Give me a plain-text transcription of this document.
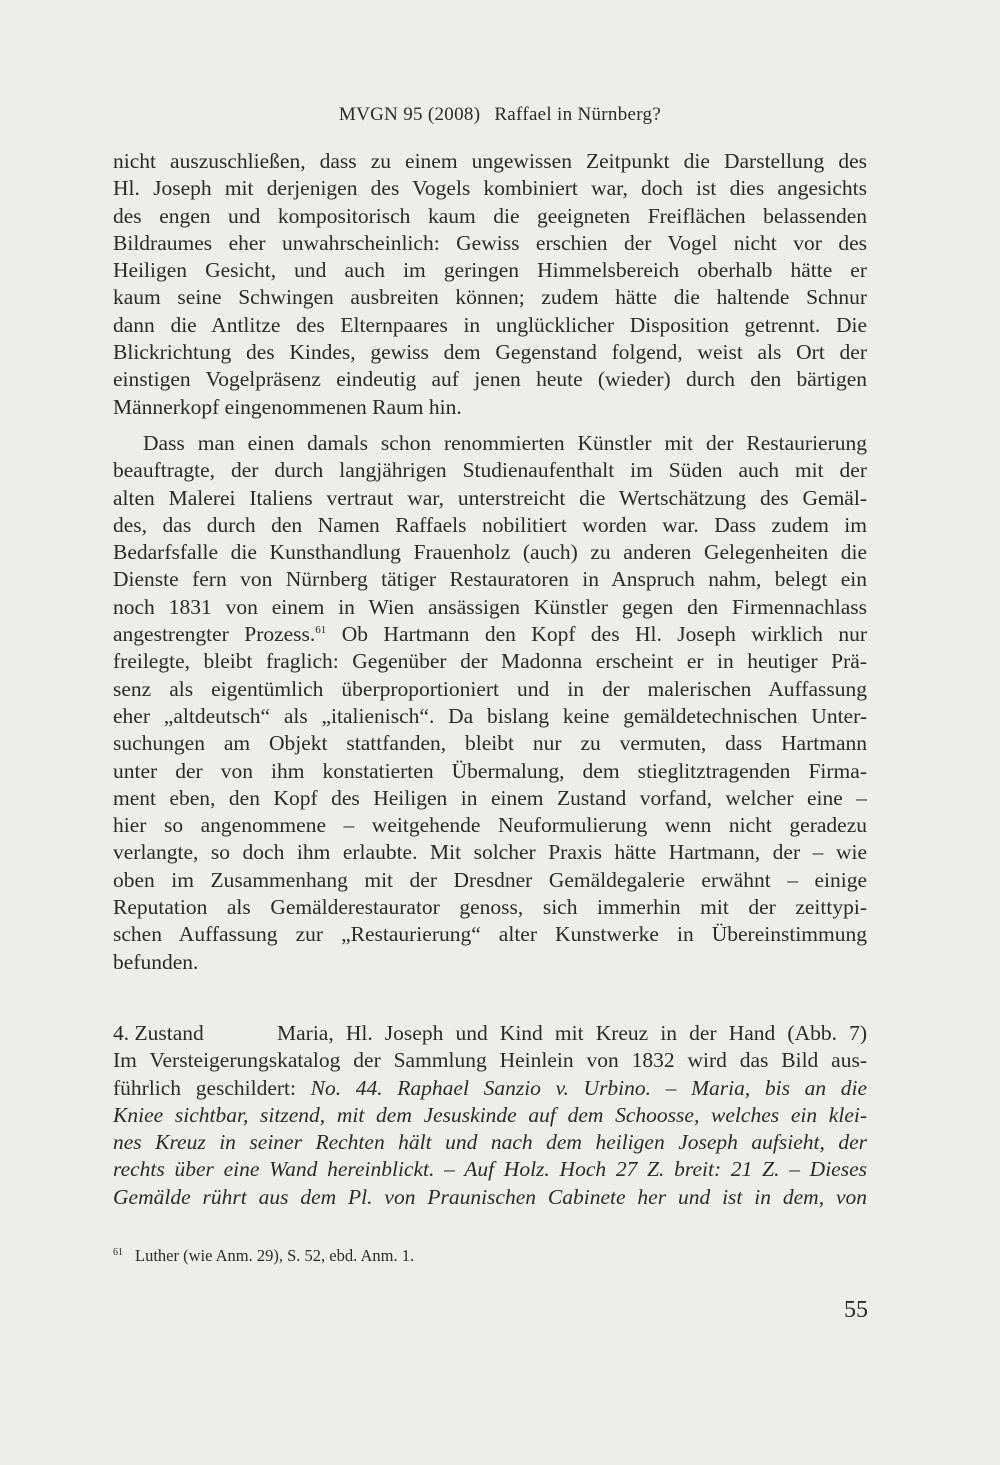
MVGN 95 (2008) Raffael in Nürnberg?
nicht auszuschließen, dass zu einem ungewissen Zeitpunkt die Darstellung des
Hl. Joseph mit derjenigen des Vogels kombiniert war, doch ist dies angesichts
des engen und kompositorisch kaum die geeigneten Freiflächen belassenden
Bildraumes eher unwahrscheinlich: Gewiss erschien der Vogel nicht vor des
Heiligen Gesicht, und auch im geringen Himmelsbereich oberhalb hätte er
kaum seine Schwingen ausbreiten können; zudem hätte die haltende Schnur
dann die Antlitze des Elternpaares in unglücklicher Disposition getrennt. Die
Blickrichtung des Kindes, gewiss dem Gegenstand folgend, weist als Ort der
einstigen Vogelpräsenz eindeutig auf jenen heute (wieder) durch den bärtigen
Männerkopf eingenommenen Raum hin.
Dass man einen damals schon renommierten Künstler mit der Restaurierung
beauftragte, der durch langjährigen Studienaufenthalt im Süden auch mit der
alten Malerei Italiens vertraut war, unterstreicht die Wertschätzung des Gemäl-
des, das durch den Namen Raffaels nobilitiert worden war. Dass zudem im
Bedarfsfalle die Kunsthandlung Frauenholz (auch) zu anderen Gelegenheiten die
Dienste fern von Nürnberg tätiger Restauratoren in Anspruch nahm, belegt ein
noch 1831 von einem in Wien ansässigen Künstler gegen den Firmennachlass
angestrengter Prozess.$^{61}$ Ob Hartmann den Kopf des Hl. Joseph wirklich nur
freilegte, bleibt fraglich: Gegenüber der Madonna erscheint er in heutiger Prä-
senz als eigentümlich überproportioniert und in der malerischen Auffassung
eher „altdeutsch“ als „italienisch“. Da bislang keine gemäldetechnischen Unter-
suchungen am Objekt stattfanden, bleibt nur zu vermuten, dass Hartmann
unter der von ihm konstatierten Übermalung, dem stieglitztragenden Firma-
ment eben, den Kopf des Heiligen in einem Zustand vorfand, welcher eine –
hier so angenommene – weitgehende Neuformulierung wenn nicht geradezu
verlangte, so doch ihm erlaubte. Mit solcher Praxis hätte Hartmann, der – wie
oben im Zusammenhang mit der Dresdner Gemäldegalerie erwähnt – einige
Reputation als Gemälderestaurator genoss, sich immerhin mit der zeittypi-
schen Auffassung zur „Restaurierung“ alter Kunstwerke in Übereinstimmung
befunden.
4. Zustand	Maria, Hl. Joseph und Kind mit Kreuz in der Hand (Abb. 7)
Im Versteigerungskatalog der Sammlung Heinlein von 1832 wird das Bild aus-
führlich geschildert: No. 44. Raphael Sanzio v. Urbino. – Maria, bis an die
Kniee sichtbar, sitzend, mit dem Jesuskinde auf dem Schoosse, welches ein klei-
nes Kreuz in seiner Rechten hält und nach dem heiligen Joseph aufsieht, der
rechts über eine Wand hereinblickt. – Auf Holz. Hoch 27 Z. breit: 21 Z. – Dieses
Gemälde rührt aus dem Pl. von Praunischen Cabinete her und ist in dem, von
$^{61}$ Luther (wie Anm. 29), S. 52, ebd. Anm. 1.
55
